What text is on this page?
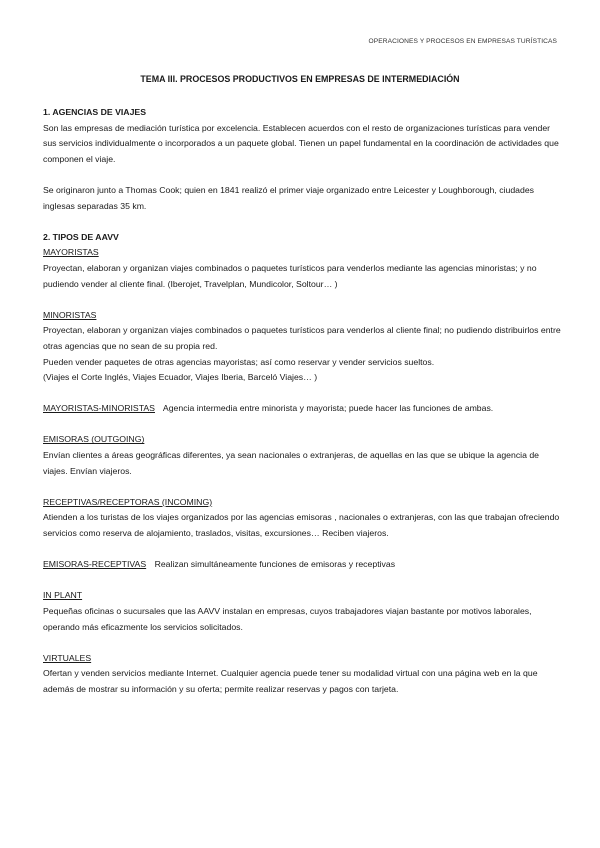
OPERACIONES Y PROCESOS EN EMPRESAS TURÍSTICAS
TEMA III. PROCESOS PRODUCTIVOS EN EMPRESAS DE INTERMEDIACIÓN

1. AGENCIAS DE VIAJES

Son las empresas de mediación turística por excelencia. Establecen acuerdos con el resto de organizaciones turísticas para vender sus servicios individualmente o incorporados a un paquete global. Tienen un papel fundamental en la coordinación de actividades que componen el viaje.

Se originaron junto a Thomas Cook; quien en 1841 realizó el primer viaje organizado entre Leicester y Loughborough, ciudades inglesas separadas 35 km.

2. TIPOS DE AAVV

MAYORISTAS

Proyectan, elaboran y organizan viajes combinados o paquetes turísticos para venderlos mediante las agencias minoristas; y no pudiendo vender al cliente final. (Iberojet, Travelplan, Mundicolor, Soltour… )

MINORISTAS

Proyectan, elaboran y organizan viajes combinados o paquetes turísticos para venderlos al cliente final; no pudiendo distribuirlos entre otras agencias que no sean de su propia red.

Pueden vender paquetes de otras agencias mayoristas; así como reservar y vender servicios sueltos.

(Viajes el Corte Inglés, Viajes Ecuador, Viajes Iberia, Barceló Viajes… )

MAYORISTAS-MINORISTAS Agencia intermedia entre minorista y mayorista; puede hacer las funciones de ambas.

EMISORAS (OUTGOING)

Envían clientes a áreas geográficas diferentes, ya sean nacionales o extranjeras, de aquellas en las que se ubique la agencia de viajes. Envían viajeros.

RECEPTIVAS/RECEPTORAS (INCOMING)

Atienden a los turistas de los viajes organizados por las agencias emisoras , nacionales o extranjeras, con las que trabajan ofreciendo servicios como reserva de alojamiento, traslados, visitas, excursiones… Reciben viajeros.

EMISORAS-RECEPTIVAS Realizan simultáneamente funciones de emisoras y receptivas

IN PLANT

Pequeñas oficinas o sucursales que las AAVV instalan en empresas, cuyos trabajadores viajan bastante por motivos laborales, operando más eficazmente los servicios solicitados.

VIRTUALES

Ofertan y venden servicios mediante Internet. Cualquier agencia puede tener su modalidad virtual con una página web en la que además de mostrar su información y su oferta; permite realizar reservas y pagos con tarjeta.
